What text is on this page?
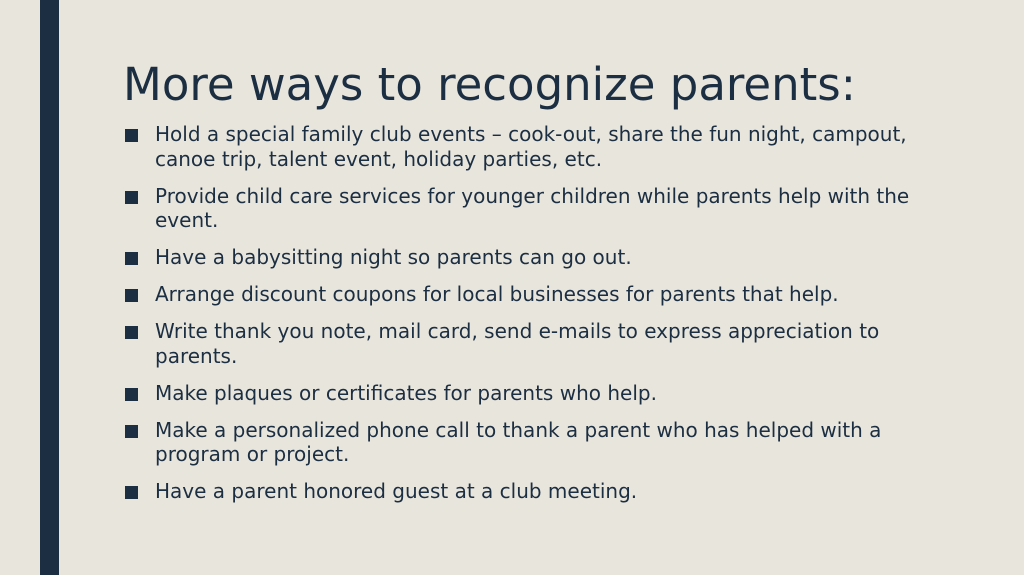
More ways to recognize parents:
Hold a special family club events – cook-out, share the fun night, campout, canoe trip, talent event, holiday parties, etc.
Provide child care services for younger children while parents help with the event.
Have a babysitting night so parents can go out.
Arrange discount coupons for local businesses for parents that help.
Write thank you note, mail card, send e-mails to express appreciation to parents.
Make plaques or certificates for parents who help.
Make a personalized phone call to thank a parent who has helped with a program or project.
Have a parent honored guest at a club meeting.
